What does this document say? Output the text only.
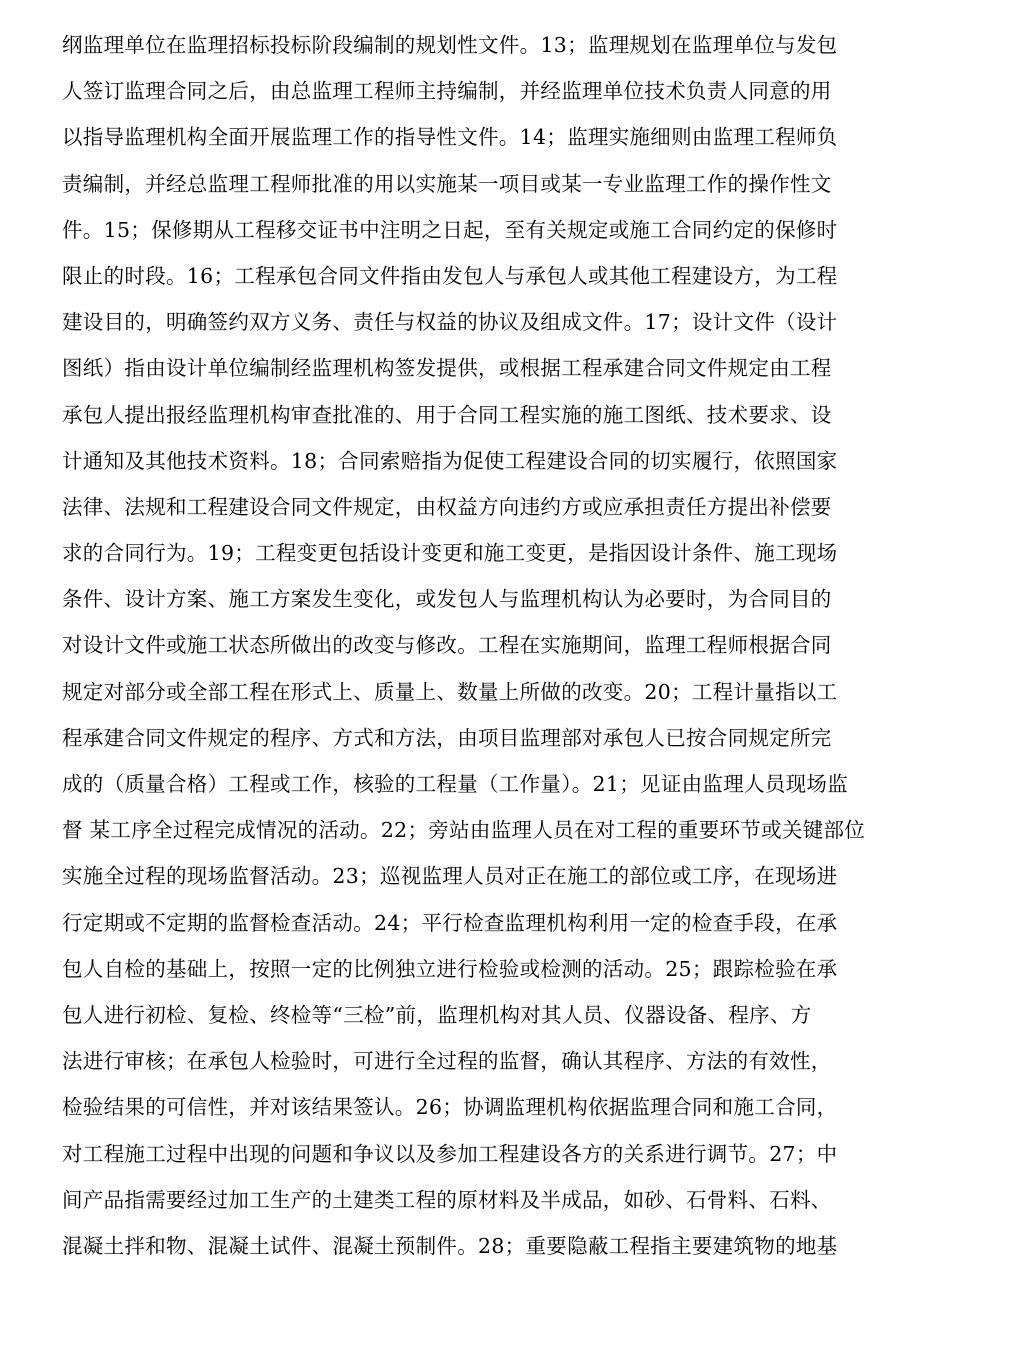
纲监理单位在监理招标投标阶段编制的规划性文件。13；监理规划在监理单位与发包
人签订监理合同之后，由总监理工程师主持编制，并经监理单位技术负责人同意的用
以指导监理机构全面开展监理工作的指导性文件。14；监理实施细则由监理工程师负
责编制，并经总监理工程师批准的用以实施某一项目或某一专业监理工作的操作性文
件。15；保修期从工程移交证书中注明之日起，至有关规定或施工合同约定的保修时
限止的时段。16；工程承包合同文件指由发包人与承包人或其他工程建设方，为工程
建设目的，明确签约双方义务、责任与权益的协议及组成文件。17；设计文件（设计
图纸）指由设计单位编制经监理机构签发提供，或根据工程承建合同文件规定由工程
承包人提出报经监理机构审查批准的、用于合同工程实施的施工图纸、技术要求、设
计通知及其他技术资料。18；合同索赔指为促使工程建设合同的切实履行，依照国家
法律、法规和工程建设合同文件规定，由权益方向违约方或应承担责任方提出补偿要
求的合同行为。19；工程变更包括设计变更和施工变更，是指因设计条件、施工现场
条件、设计方案、施工方案发生变化，或发包人与监理机构认为必要时，为合同目的
对设计文件或施工状态所做出的改变与修改。工程在实施期间，监理工程师根据合同
规定对部分或全部工程在形式上、质量上、数量上所做的改变。20；工程计量指以工
程承建合同文件规定的程序、方式和方法，由项目监理部对承包人已按合同规定所完
成的（质量合格）工程或工作，核验的工程量（工作量）。21；见证由监理人员现场监
督 某工序全过程完成情况的活动。22；旁站由监理人员在对工程的重要环节或关键部位
实施全过程的现场监督活动。23；巡视监理人员对正在施工的部位或工序，在现场进
行定期或不定期的监督检查活动。24；平行检查监理机构利用一定的检查手段，在承
包人自检的基础上，按照一定的比例独立进行检验或检测的活动。25；跟踪检验在承
包人进行初检、复检、终检等“三检”前，监理机构对其人员、仪器设备、程序、方
法进行审核；在承包人检验时，可进行全过程的监督，确认其程序、方法的有效性，
检验结果的可信性，并对该结果签认。26；协调监理机构依据监理合同和施工合同，
对工程施工过程中出现的问题和争议以及参加工程建设各方的关系进行调节。27；中
间产品指需要经过加工生产的土建类工程的原材料及半成品，如砂、石骨料、石料、
混凝土拌和物、混凝土试件、混凝土预制件。28；重要隐蔽工程指主要建筑物的地基
